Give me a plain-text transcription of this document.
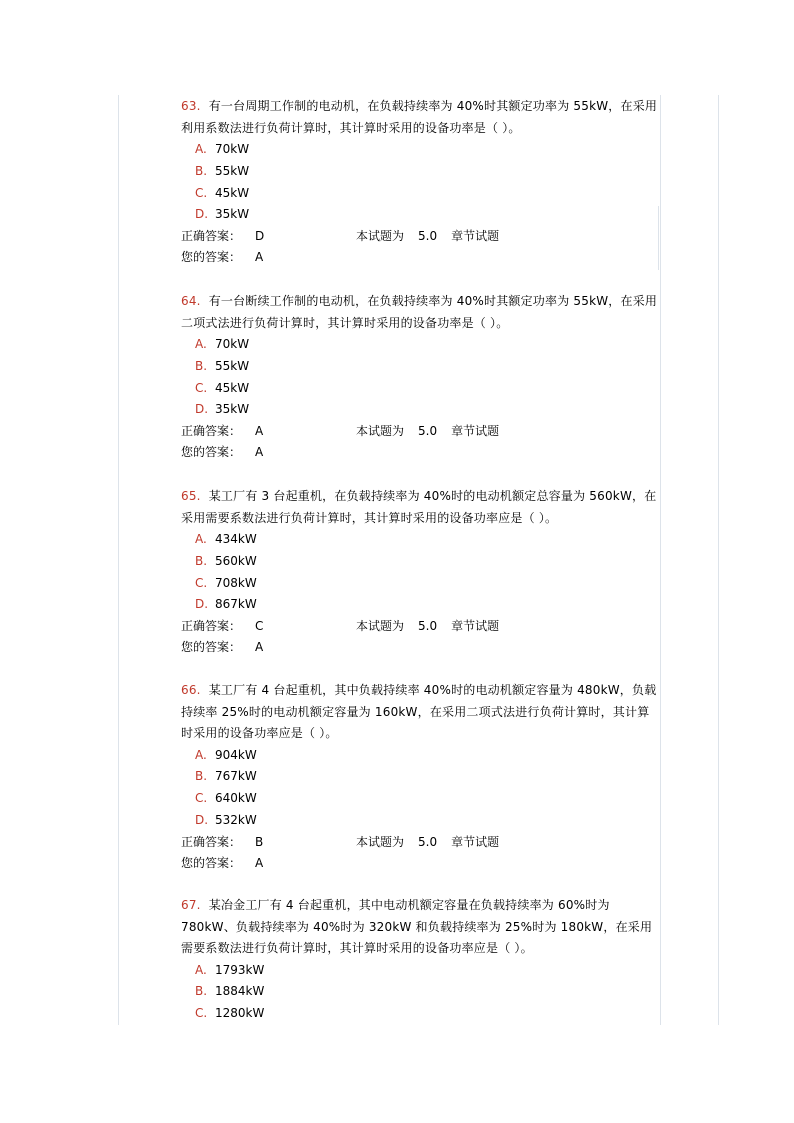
63. 有一台周期工作制的电动机，在负载持续率为 40%时其额定功率为 55kW，在采用利用系数法进行负荷计算时，其计算时采用的设备功率是（ ）。

A. 70kW
B. 55kW
C. 45kW
D. 35kW
正确答案： D	本试题为 5.0 章节试题
您的答案： A

64. 有一台断续工作制的电动机，在负载持续率为 40%时其额定功率为 55kW，在采用二项式法进行负荷计算时，其计算时采用的设备功率是（ ）。

A. 70kW
B. 55kW
C. 45kW
D. 35kW
正确答案： A	本试题为 5.0 章节试题
您的答案： A

65. 某工厂有 3 台起重机，在负载持续率为 40%时的电动机额定总容量为 560kW，在采用需要系数法进行负荷计算时，其计算时采用的设备功率应是（ ）。

A. 434kW
B. 560kW
C. 708kW
D. 867kW
正确答案： C	本试题为 5.0 章节试题
您的答案： A

66. 某工厂有 4 台起重机，其中负载持续率 40%时的电动机额定容量为 480kW，负载持续率 25%时的电动机额定容量为 160kW，在采用二项式法进行负荷计算时，其计算时采用的设备功率应是（ ）。

A. 904kW
B. 767kW
C. 640kW
D. 532kW
正确答案： B	本试题为 5.0 章节试题
您的答案： A

67. 某冶金工厂有 4 台起重机，其中电动机额定容量在负载持续率为 60%时为 780kW、负载持续率为 40%时为 320kW 和负载持续率为 25%时为 180kW，在采用需要系数法进行负荷计算时，其计算时采用的设备功率应是（ ）。

A. 1793kW
B. 1884kW
C. 1280kW
